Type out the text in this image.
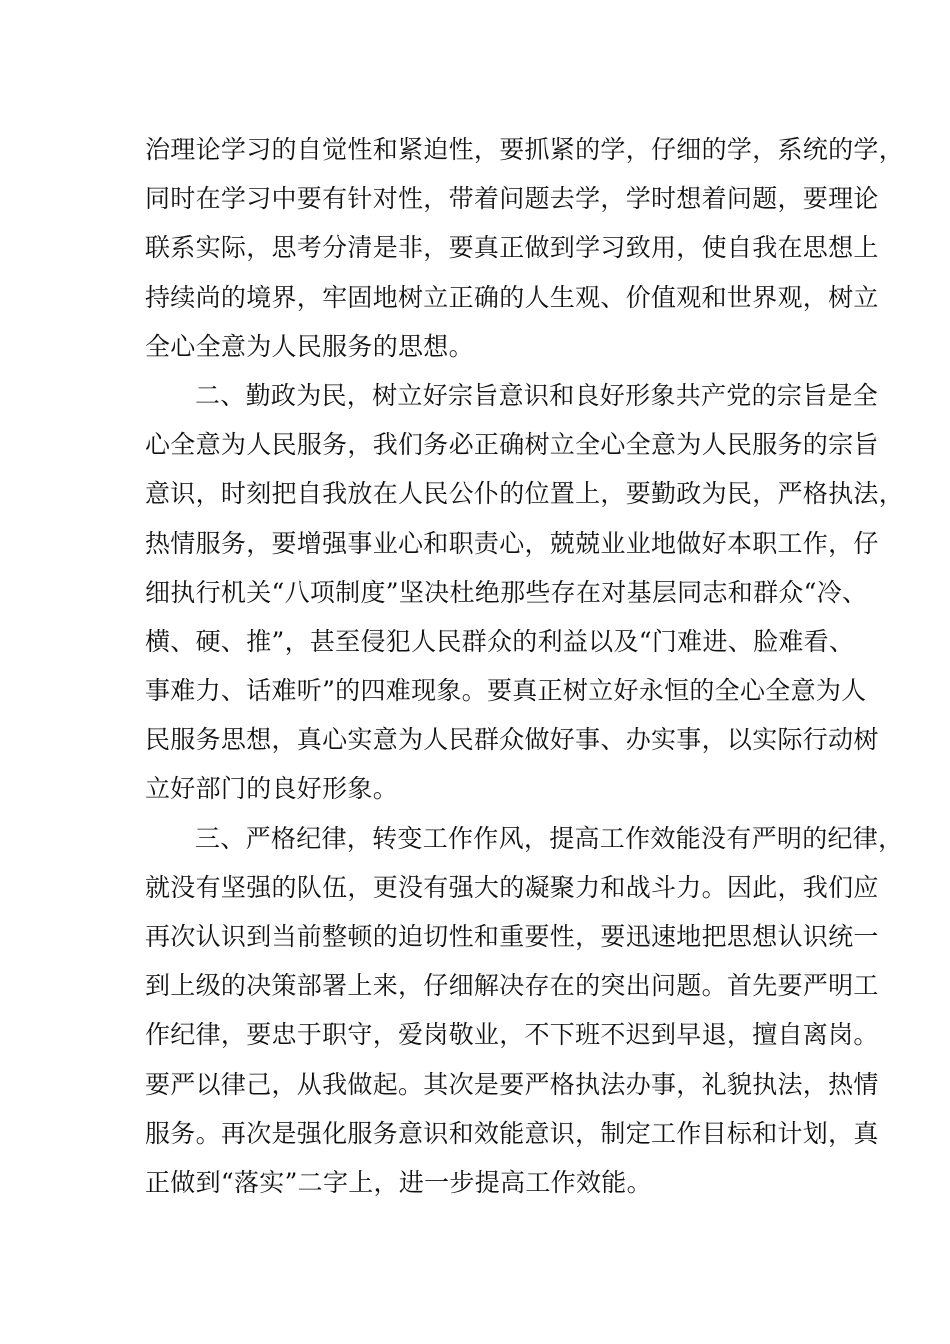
治理论学习的自觉性和紧迫性，要抓紧的学，仔细的学，系统的学，
同时在学习中要有针对性，带着问题去学，学时想着问题，要理论
联系实际，思考分清是非，要真正做到学习致用，使自我在思想上
持续尚的境界，牢固地树立正确的人生观、价值观和世界观，树立
全心全意为人民服务的思想。
二、勤政为民，树立好宗旨意识和良好形象共产党的宗旨是全
心全意为人民服务，我们务必正确树立全心全意为人民服务的宗旨
意识，时刻把自我放在人民公仆的位置上，要勤政为民，严格执法，
热情服务，要增强事业心和职责心，兢兢业业地做好本职工作，仔
细执行机关“八项制度”坚决杜绝那些存在对基层同志和群众“冷、
横、硬、推”，甚至侵犯人民群众的利益以及“门难进、脸难看、
事难力、话难听”的四难现象。要真正树立好永恒的全心全意为人
民服务思想，真心实意为人民群众做好事、办实事，以实际行动树
立好部门的良好形象。
三、严格纪律，转变工作作风，提高工作效能没有严明的纪律，
就没有坚强的队伍，更没有强大的凝聚力和战斗力。因此，我们应
再次认识到当前整顿的迫切性和重要性，要迅速地把思想认识统一
到上级的决策部署上来，仔细解决存在的突出问题。首先要严明工
作纪律，要忠于职守，爱岗敬业，不下班不迟到早退，擅自离岗。
要严以律己，从我做起。其次是要严格执法办事，礼貌执法，热情
服务。再次是强化服务意识和效能意识，制定工作目标和计划，真
正做到“落实”二字上，进一步提高工作效能。
